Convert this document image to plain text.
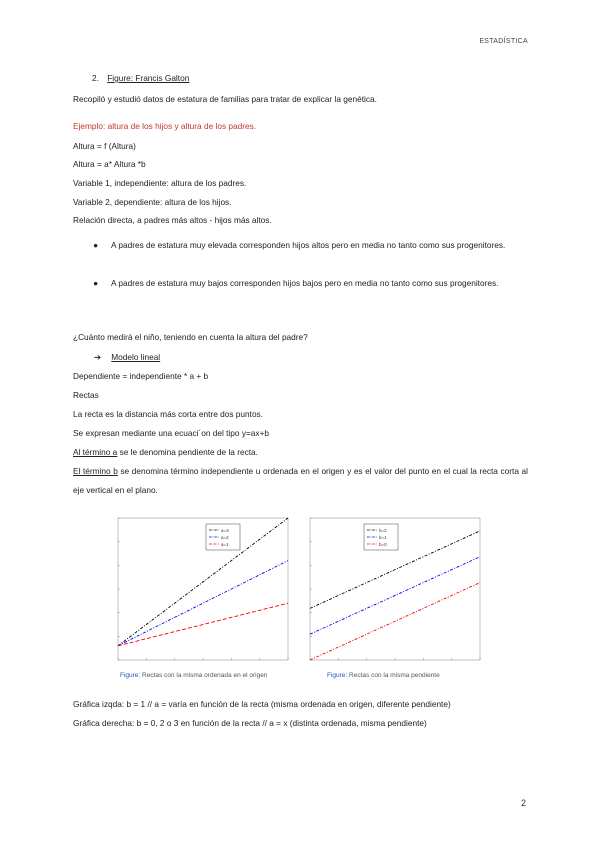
ESTADÍSTICA
2. Figure: Francis Galton
Recopiló y estudió datos de estatura de familias para tratar de explicar la genética.
Ejemplo: altura de los hijos y altura de los padres.
Altura = f (Altura)
Altura = a* Altura *b
Variable 1, independiente: altura de los padres.
Variable 2, dependiente: altura de los hijos.
Relación directa, a padres más altos - hijos más altos.
● A padres de estatura muy elevada corresponden hijos altos pero en media no tanto como sus progenitores.
● A padres de estatura muy bajos corresponden hijos bajos pero en media no tanto como sus progenitores.
¿Cuánto medirá el niño, teniendo en cuenta la altura del padre?
➔ Modelo lineal
Dependiente = independiente * a + b
Rectas
La recta es la distancia más corta entre dos puntos.
Se expresan mediante una ecuaci´on del tipo y=ax+b
Al término a se le denomina pendiente de la recta.
El término b se denomina término independiente u ordenada en el origen y es el valor del punto en el cual la recta corta al eje vertical en el plano.
a=3
a=2
a=1
b=2
b=1
b=0
Figure: Rectas con la misma ordenada en el origen	Figure: Rectas con la misma pendiente
Gráfica izqda: b = 1 // a = varía en función de la recta (misma ordenada en origen, diferente pendiente)
Gráfica derecha: b = 0, 2 o 3 en función de la recta // a = x (distinta ordenada, misma pendiente)
2
